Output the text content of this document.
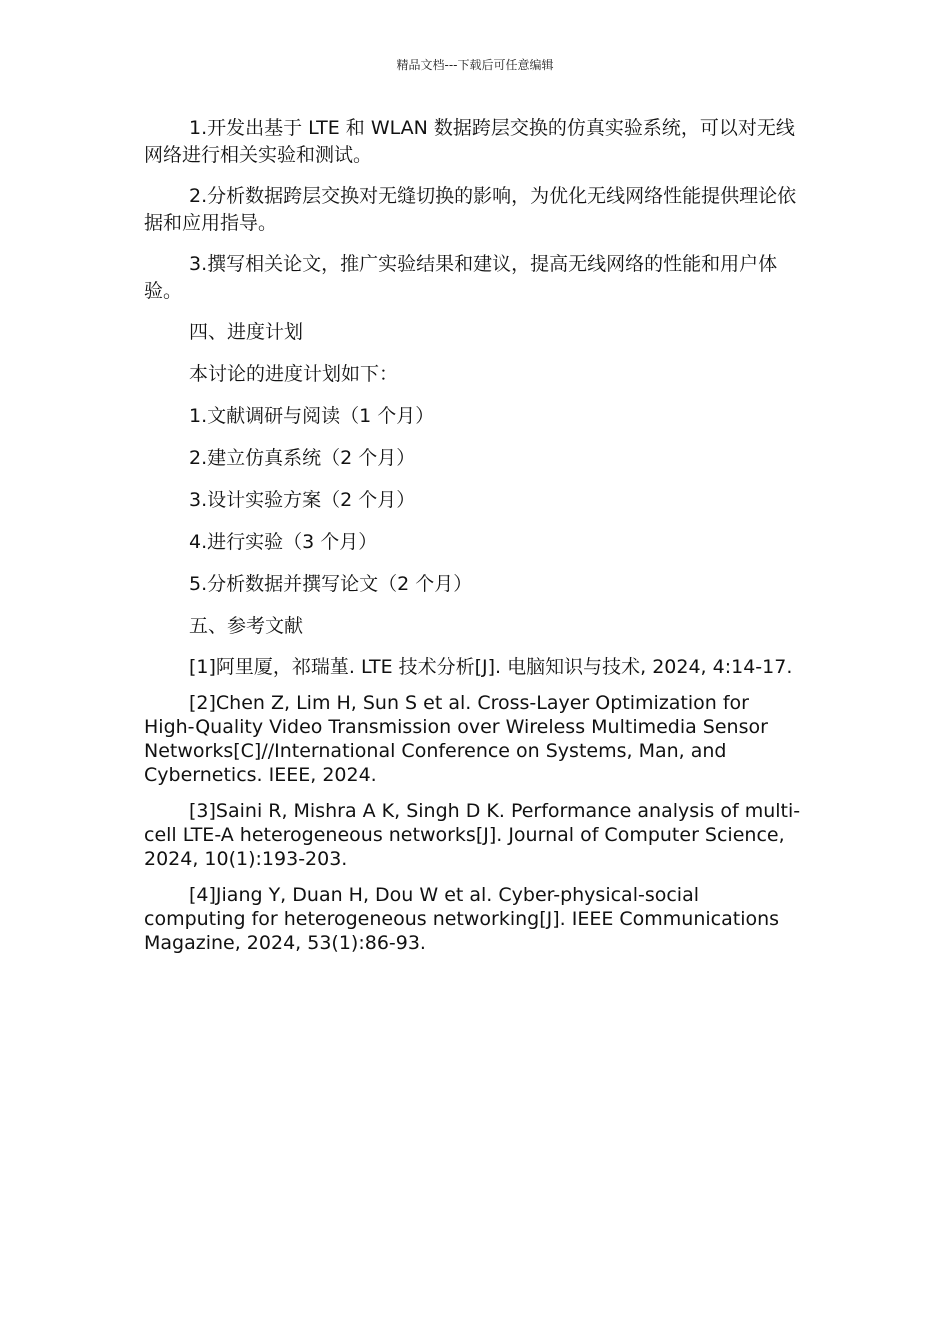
精品文档---下载后可任意编辑

1.开发出基于 LTE 和 WLAN 数据跨层交换的仿真实验系统，可以对无线网络进行相关实验和测试。

2.分析数据跨层交换对无缝切换的影响，为优化无线网络性能提供理论依据和应用指导。

3.撰写相关论文，推广实验结果和建议，提高无线网络的性能和用户体验。

四、进度计划

本讨论的进度计划如下：

1.文献调研与阅读（1 个月）

2.建立仿真系统（2 个月）

3.设计实验方案（2 个月）

4.进行实验（3 个月）

5.分析数据并撰写论文（2 个月）

五、参考文献

[1]阿里厦，祁瑞堇. LTE 技术分析[J]. 电脑知识与技术, 2024, 4:14-17.

[2]Chen Z, Lim H, Sun S et al. Cross-Layer Optimization for High-Quality Video Transmission over Wireless Multimedia Sensor Networks[C]//International Conference on Systems, Man, and Cybernetics. IEEE, 2024.

[3]Saini R, Mishra A K, Singh D K. Performance analysis of multi-cell LTE-A heterogeneous networks[J]. Journal of Computer Science, 2024, 10(1):193-203.

[4]Jiang Y, Duan H, Dou W et al. Cyber-physical-social computing for heterogeneous networking[J]. IEEE Communications Magazine, 2024, 53(1):86-93.
